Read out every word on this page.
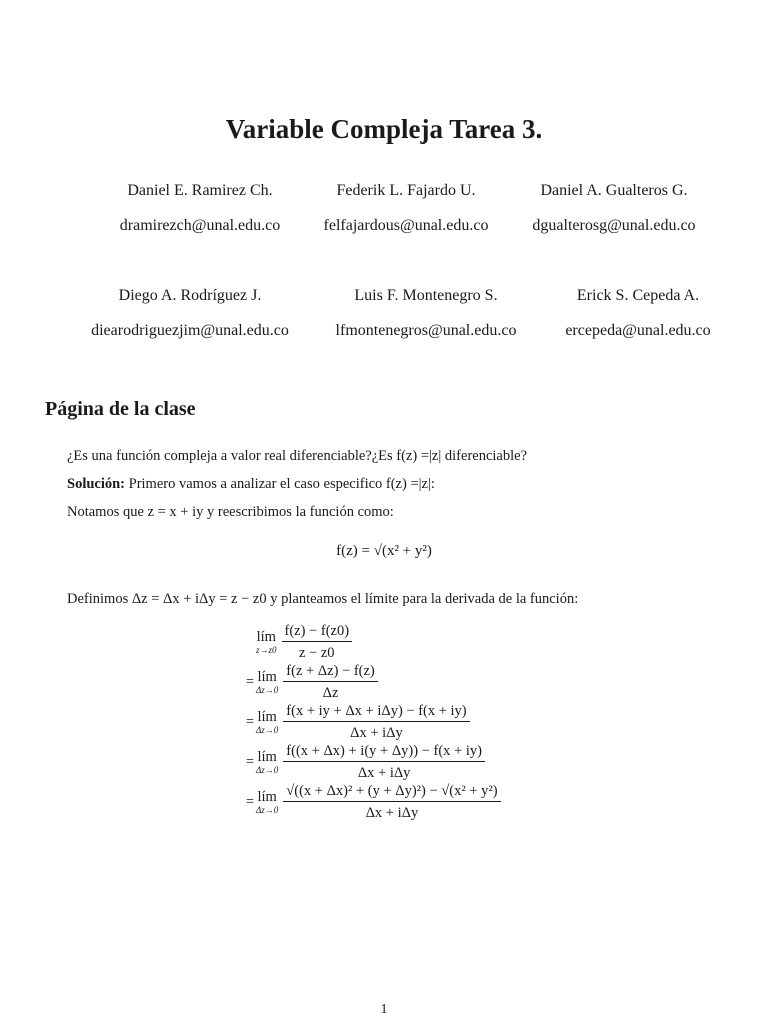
Variable Compleja Tarea 3.
Daniel E. Ramirez Ch.
dramirezch@unal.edu.co
Federik L. Fajardo U.
felfajardous@unal.edu.co
Daniel A. Gualteros G.
dgualterosg@unal.edu.co
Diego A. Rodríguez J.
diearodriguezjim@unal.edu.co
Luis F. Montenegro S.
lfmontenegros@unal.edu.co
Erick S. Cepeda A.
ercepeda@unal.edu.co
Página de la clase
¿Es una función compleja a valor real diferenciable?¿Es f(z) =|z| diferenciable?
Solución: Primero vamos a analizar el caso especifico f(z) =|z|:
Notamos que z = x + iy y reescribimos la función como:
f(z) = √(x² + y²)
Definimos Δz = Δx + iΔy = z − z0 y planteamos el límite para la derivada de la función:
lím
$z\to z0 \frac{f(z) - f(z0)}{z - z0}$
= lím
$\Delta z\to 0 \frac{f(z + \Delta z) - f(z)}{\Delta z}$
= lím
$\Delta z\to 0 \frac{\text{f(x + iy + Δx + iΔy) − f(x + iy)}}{\text{Δx + iΔy}}$
= lím
$\Delta z\to 0 \frac{f((x + \Delta x) + i(y + \Delta y)) - f(x + iy)}{\text{Δx + iΔy}}$
= lím
$\Delta z\to 0 \frac{\text{√((x + Δx)² + (y + Δy)²) − √(x² + y²)}}{\text{Δx + iΔy}}$
1
